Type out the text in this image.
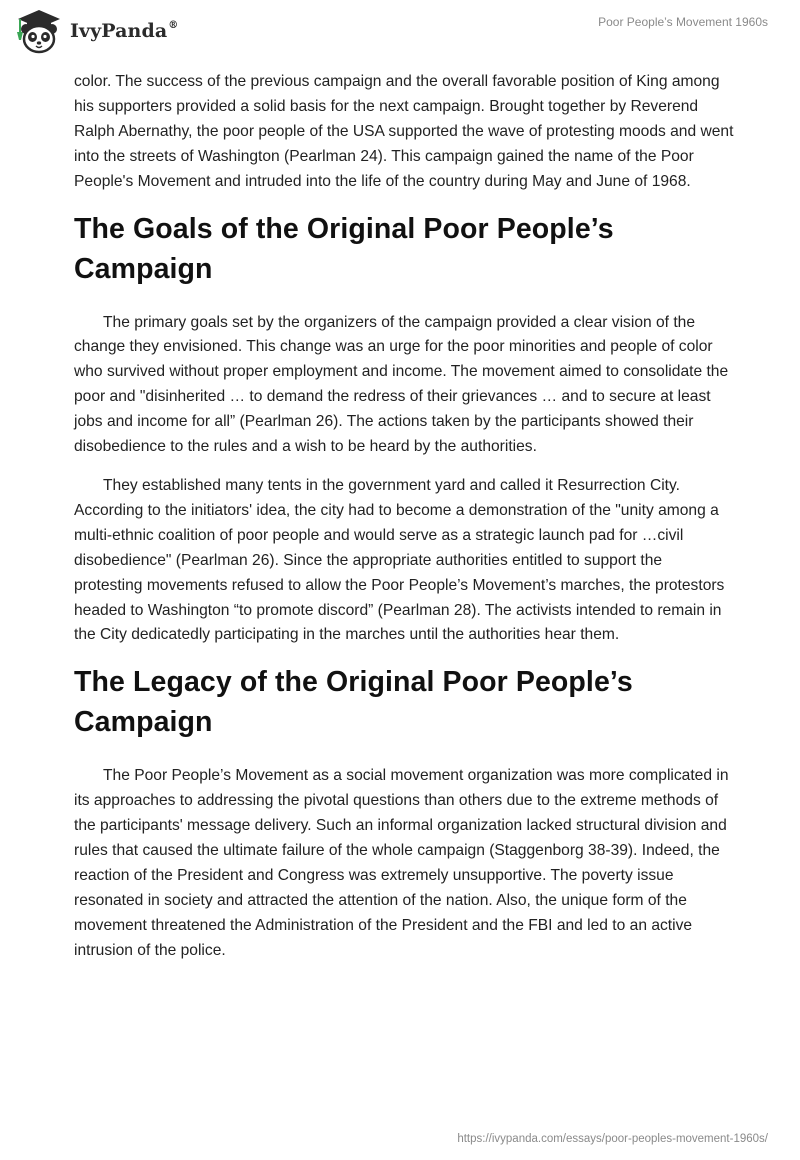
IvyPanda®	Poor People’s Movement 1960s

color. The success of the previous campaign and the overall favorable position of King among his supporters provided a solid basis for the next campaign. Brought together by Reverend Ralph Abernathy, the poor people of the USA supported the wave of protesting moods and went into the streets of Washington (Pearlman 24). This campaign gained the name of the Poor People's Movement and intruded into the life of the country during May and June of 1968.

The Goals of the Original Poor People’s Campaign

The primary goals set by the organizers of the campaign provided a clear vision of the change they envisioned. This change was an urge for the poor minorities and people of color who survived without proper employment and income. The movement aimed to consolidate the poor and "disinherited … to demand the redress of their grievances … and to secure at least jobs and income for all” (Pearlman 26). The actions taken by the participants showed their disobedience to the rules and a wish to be heard by the authorities.

They established many tents in the government yard and called it Resurrection City. According to the initiators' idea, the city had to become a demonstration of the "unity among a multi-ethnic coalition of poor people and would serve as a strategic launch pad for …civil disobedience" (Pearlman 26). Since the appropriate authorities entitled to support the protesting movements refused to allow the Poor People’s Movement’s marches, the protestors headed to Washington “to promote discord” (Pearlman 28). The activists intended to remain in the City dedicatedly participating in the marches until the authorities hear them.

The Legacy of the Original Poor People’s Campaign

The Poor People’s Movement as a social movement organization was more complicated in its approaches to addressing the pivotal questions than others due to the extreme methods of the participants' message delivery. Such an informal organization lacked structural division and rules that caused the ultimate failure of the whole campaign (Staggenborg 38-39). Indeed, the reaction of the President and Congress was extremely unsupportive. The poverty issue resonated in society and attracted the attention of the nation. Also, the unique form of the movement threatened the Administration of the President and the FBI and led to an active intrusion of the police.

https://ivypanda.com/essays/poor-peoples-movement-1960s/
